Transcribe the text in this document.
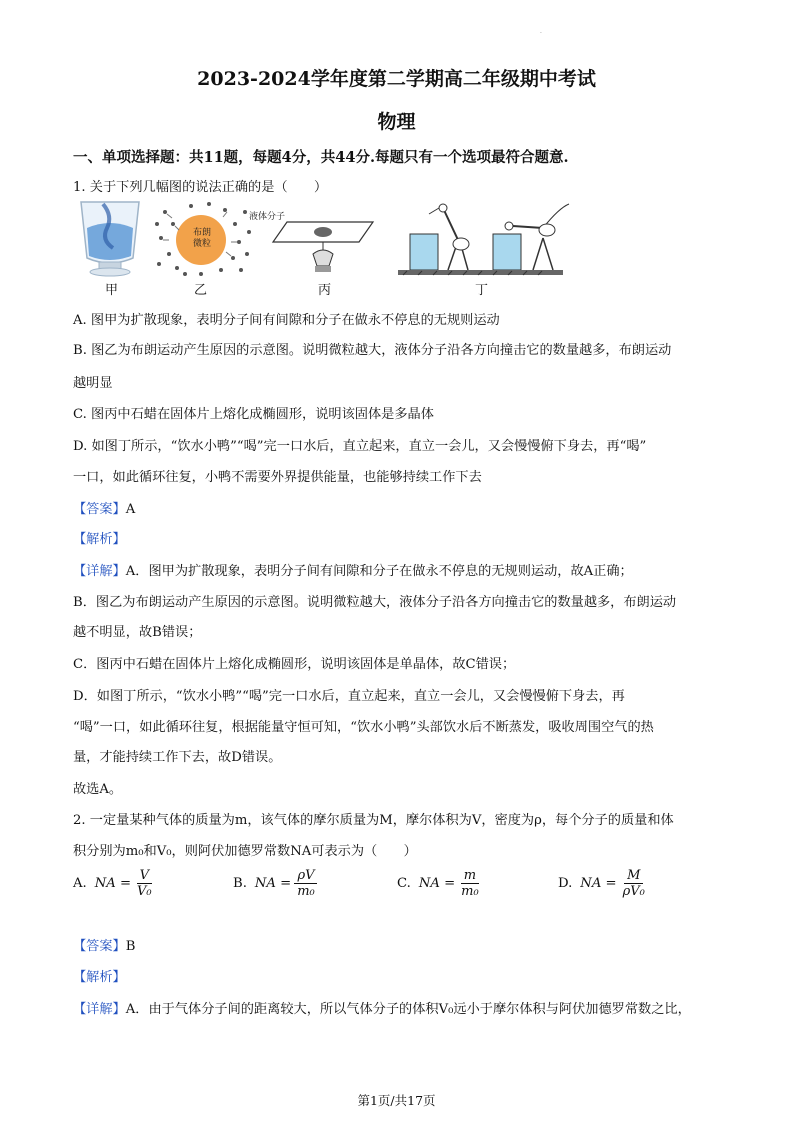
·
2023-2024学年度第二学期高二年级期中考试
物理
一、单项选择题：共11题，每题4分，共44分.每题只有一个选项最符合题意.
1. 关于下列几幅图的说法正确的是（　　）
布朗微粒
液体分子
甲	乙	丙	丁
A. 图甲为扩散现象，表明分子间有间隙和分子在做永不停息的无规则运动
B. 图乙为布朗运动产生原因的示意图。说明微粒越大，液体分子沿各方向撞击它的数量越多，布朗运动
越明显
C. 图丙中石蜡在固体片上熔化成椭圆形，说明该固体是多晶体
D. 如图丁所示，“饮水小鸭”“喝”完一口水后，直立起来，直立一会儿，又会慢慢俯下身去，再“喝”
一口，如此循环往复，小鸭不需要外界提供能量，也能够持续工作下去
【答案】A
【解析】
【详解】A．图甲为扩散现象，表明分子间有间隙和分子在做永不停息的无规则运动，故A正确；
B．图乙为布朗运动产生原因的示意图。说明微粒越大，液体分子沿各方向撞击它的数量越多，布朗运动
越不明显，故B错误；
C．图丙中石蜡在固体片上熔化成椭圆形，说明该固体是单晶体，故C错误；
D．如图丁所示，“饮水小鸭”“喝”完一口水后，直立起来，直立一会儿，又会慢慢俯下身去，再
“喝”一口，如此循环往复，根据能量守恒可知，“饮水小鸭”头部饮水后不断蒸发，吸收周围空气的热
量，才能持续工作下去，故D错误。
故选A。
2. 一定量某种气体的质量为m，该气体的摩尔质量为M，摩尔体积为V，密度为ρ，每个分子的质量和体
积分别为m₀和V₀，则阿伏加德罗常数NA可表示为（　　）
A. NA = $\frac{V}{\text{V₀}}$	B. NA = $\frac{\rho V}{\text{m₀}}$	C. NA = $\frac{m}{\text{m₀}}$	D. NA = $\frac{M}{\text{ρV₀}}$
【答案】B
【解析】
【详解】A．由于气体分子间的距离较大，所以气体分子的体积V₀远小于摩尔体积与阿伏加德罗常数之比，
第1页/共17页
